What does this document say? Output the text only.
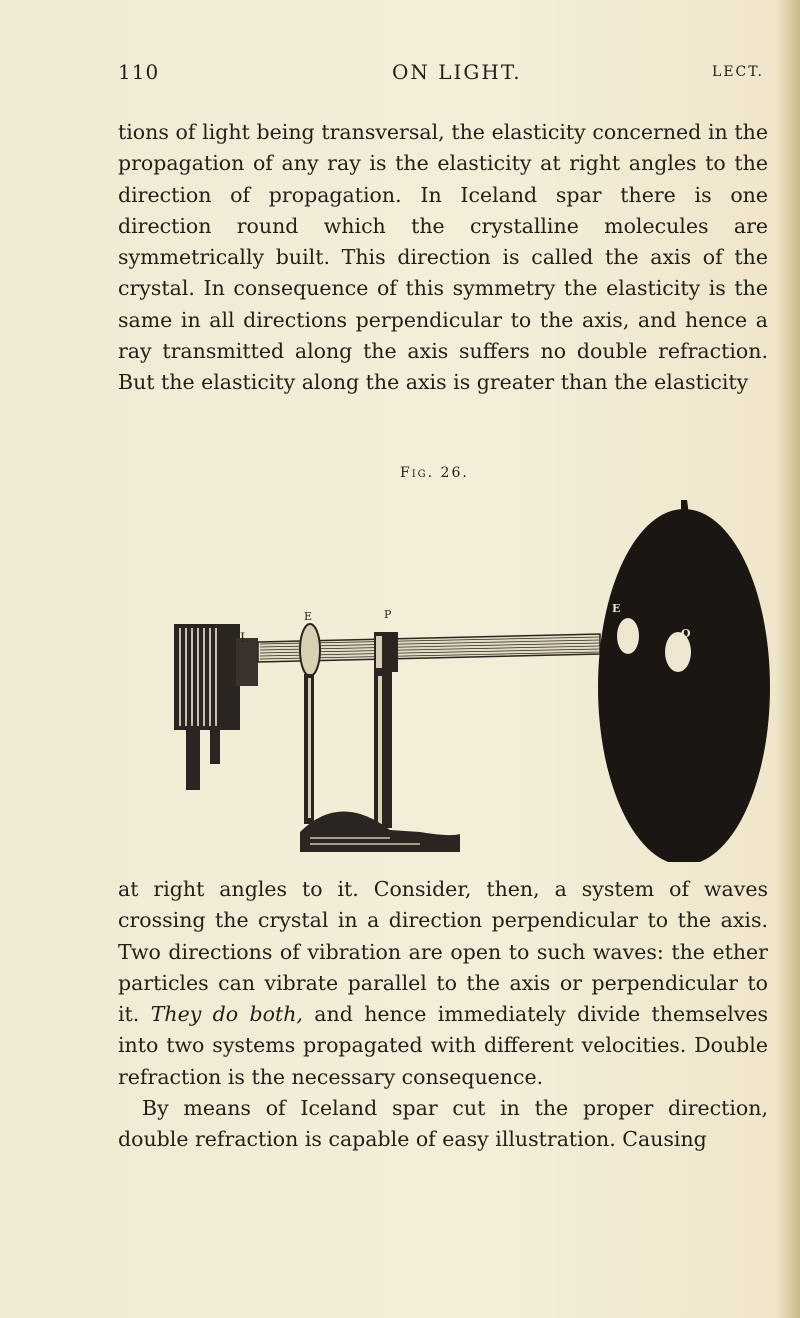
110	ON LIGHT.	LECT.

tions of light being transversal, the elasticity concerned in the propagation of any ray is the elasticity at right angles to the direction of propagation. In Iceland spar there is one direction round which the crystalline molecules are symmetrically built. This direction is called the axis of the crystal. In consequence of this symmetry the elasticity is the same in all directions perpendicular to the axis, and hence a ray transmitted along the axis suffers no double refraction. But the elasticity along the axis is greater than the elasticity

Fig. 26.
L
E	P	E
O

at right angles to it. Consider, then, a system of waves crossing the crystal in a direction perpendicular to the axis. Two directions of vibration are open to such waves: the ether particles can vibrate parallel to the axis or perpendicular to it. They do both, and hence immediately divide themselves into two systems propagated with different velocities. Double refraction is the necessary consequence.

By means of Iceland spar cut in the proper direction, double refraction is capable of easy illustration. Causing
